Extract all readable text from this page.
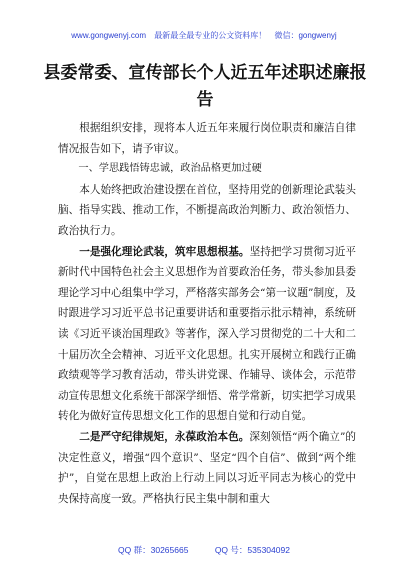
www.gongwenyj.com 最新最全最专业的公文资料库！ 微信：gongwenyj
县委常委、宣传部长个人近五年述职述廉报告

根据组织安排，现将本人近五年来履行岗位职责和廉洁自律情况报告如下，请予审议。

一、学思践悟铸忠诚，政治品格更加过硬

本人始终把政治建设摆在首位，坚持用党的创新理论武装头脑、指导实践、推动工作，不断提高政治判断力、政治领悟力、政治执行力。

一是强化理论武装，筑牢思想根基。坚持把学习贯彻习近平新时代中国特色社会主义思想作为首要政治任务，带头参加县委理论学习中心组集中学习，严格落实部务会“第一议题”制度，及时跟进学习习近平总书记重要讲话和重要指示批示精神，系统研读《习近平谈治国理政》等著作，深入学习贯彻党的二十大和二十届历次全会精神、习近平文化思想。扎实开展树立和践行正确政绩观等学习教育活动，带头讲党课、作辅导、谈体会，示范带动宣传思想文化系统干部深学细悟、常学常新，切实把学习成果转化为做好宣传思想文化工作的思想自觉和行动自觉。

二是严守纪律规矩，永葆政治本色。深刻领悟“两个确立”的决定性意义，增强“四个意识”、坚定“四个自信”、做到“两个维护”，自觉在思想上政治上行动上同以习近平同志为核心的党中央保持高度一致。严格执行民主集中制和重大

QQ 群：30265665	QQ 号：535304092
